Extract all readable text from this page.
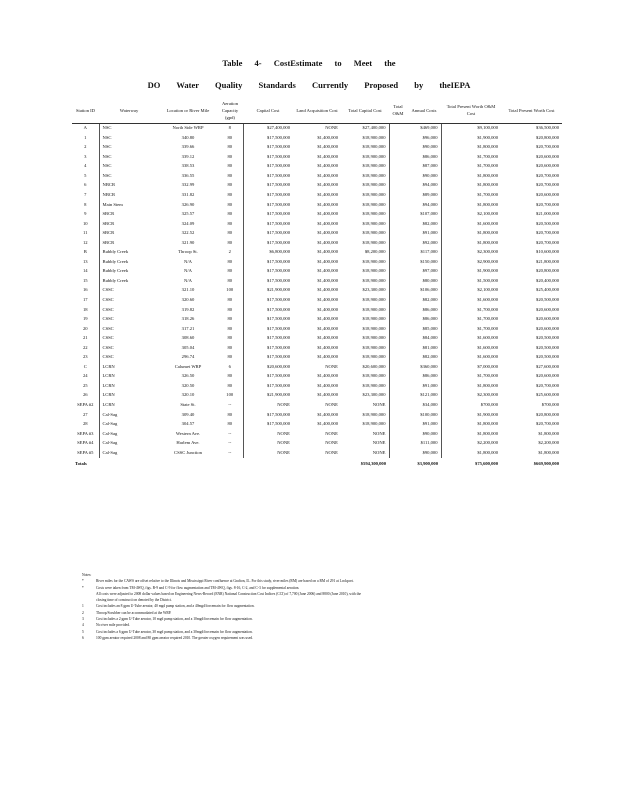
Table 4- CostEstimate to Meet the
DO Water Quality Standards Currently Proposed by theIEPA
Station ID	Waterway	Location or River Mile	Aeration Capacity (gpd)	Capital Cost	Land Acquisition Cost	Total Capital Cost	Total O&M	Annual Costs	Total Present Worth O&M Cost	Total Present Worth Cost
A	NSC	North Side WRP	8	$27,400,000	NONE	$27,400,000		$469,000	$9,100,000	$36,500,000
1	NSC	340.80	80	$17,500,000	$1,400,000	$18,900,000		$96,000	$1,900,000	$20,800,000
2	NSC	339.66	80	$17,500,000	$1,400,000	$18,900,000		$90,000	$1,800,000	$20,700,000
3	NSC	339.12	80	$17,500,000	$1,400,000	$18,900,000		$86,000	$1,700,000	$20,600,000
4	NSC	338.53	80	$17,500,000	$1,400,000	$18,900,000		$87,000	$1,700,000	$20,600,000
5	NSC	336.55	80	$17,500,000	$1,400,000	$18,900,000		$90,000	$1,800,000	$20,700,000
6	NBCR	332.99	80	$17,500,000	$1,400,000	$18,900,000		$94,000	$1,800,000	$20,700,000
7	NBCR	331.82	80	$17,500,000	$1,400,000	$18,900,000		$89,000	$1,700,000	$20,600,000
8	Main Stem	326.90	80	$17,500,000	$1,400,000	$18,900,000		$94,000	$1,800,000	$20,700,000
9	SBCR	325.57	80	$17,500,000	$1,400,000	$18,900,000		$107,000	$2,100,000	$21,000,000
10	SBCR	324.09	80	$17,500,000	$1,400,000	$18,900,000		$82,000	$1,600,000	$20,500,000
11	SBCR	322.52	80	$17,500,000	$1,400,000	$18,900,000		$91,000	$1,800,000	$20,700,000
12	SBCR	321.90	80	$17,500,000	$1,400,000	$18,900,000		$92,000	$1,800,000	$20,700,000
B	Bubbly Creek	Throop St.	2	$6,800,000	$1,400,000	$8,200,000		$117,000	$2,300,000	$10,600,000
13	Bubbly Creek	N/A	80	$17,500,000	$1,400,000	$18,900,000		$150,000	$2,900,000	$21,800,000
14	Bubbly Creek	N/A	80	$17,500,000	$1,400,000	$18,900,000		$97,000	$1,900,000	$20,800,000
15	Bubbly Creek	N/A	80	$17,500,000	$1,400,000	$18,900,000		$80,000	$1,500,000	$20,400,000
16	CSSC	321.10	100	$21,900,000	$1,400,000	$23,300,000		$106,000	$2,100,000	$25,400,000
17	CSSC	320.60	80	$17,500,000	$1,400,000	$18,900,000		$82,000	$1,600,000	$20,500,000
18	CSSC	319.82	80	$17,500,000	$1,400,000	$18,900,000		$86,000	$1,700,000	$20,600,000
19	CSSC	318.26	80	$17,500,000	$1,400,000	$18,900,000		$86,000	$1,700,000	$20,600,000
20	CSSC	317.21	80	$17,500,000	$1,400,000	$18,900,000		$85,000	$1,700,000	$20,600,000
21	CSSC	308.60	80	$17,500,000	$1,400,000	$18,900,000		$84,000	$1,600,000	$20,500,000
22	CSSC	305.04	80	$17,500,000	$1,400,000	$18,900,000		$81,000	$1,600,000	$20,500,000
23	CSSC	296.74	80	$17,500,000	$1,400,000	$18,900,000		$82,000	$1,600,000	$20,500,000
C	LCRN	Calumet WRP	6	$20,600,000	NONE	$20,600,000		$360,000	$7,000,000	$27,600,000
24	LCRN	326.50	80	$17,500,000	$1,400,000	$18,900,000		$86,000	$1,700,000	$20,600,000
25	LCRN	320.50	80	$17,500,000	$1,400,000	$18,900,000		$91,000	$1,800,000	$20,700,000
26	LCRN	320.10	100	$21,900,000	$1,400,000	$23,300,000		$121,000	$2,300,000	$25,600,000
SEPA #2	LCRN	State St.	--	NONE	NONE	NONE		$34,000	$700,000	$700,000
27	Cal-Sag	309.40	80	$17,500,000	$1,400,000	$18,900,000		$100,000	$1,900,000	$20,800,000
28	Cal-Sag	304.57	80	$17,500,000	$1,400,000	$18,900,000		$91,000	$1,800,000	$20,700,000
SEPA #3	Cal-Sag	Western Ave.	--	NONE	NONE	NONE		$90,000	$1,800,000	$1,800,000
SEPA #4	Cal-Sag	Harlem Ave.	--	NONE	NONE	NONE		$111,000	$2,200,000	$2,200,000
SEPA #5	Cal-Sag	CSSC Junction	--	NONE	NONE	NONE		$90,000	$1,800,000	$1,800,000
Totals						$594,300,000		$3,900,000	$75,600,000	$669,900,000
Notes:
*	River miles for the CAWS are offset relative to the Illinois and Mississippi River confluence at Grafton, IL. For this study, river miles (RM) are based on a RM of 291 at Lockport.
*	Costs were taken from TM-4WQ, figs. B-9 and C-9 for flow augmentation and TM-4WQ, figs. 8-16, C-2, and C-3 for supplemental aeration.
All costs were adjusted to 2008 dollar values based on Engineering News-Record (ENR) National Construction Cost Indices (CCI) of 7,700 (June 2006) and 8800 (June 2010), with the
closing time of constructi on denoted by the District.
1	Cost includes an 8 gpm U-Tube aerator, 40 mgd pump station, and a 40mgd/forcemain for flow augmentation.
2	Throop/Scrubber can be accommodated at the WRP.
3	Cost includes a 2 gpm U-Tube aerator, 10 mgd pump station, and a 10mgd/forcemain for flow augmentation.
4	No river mile provided.
5	Cost includes a 6 gpm U-Tube aerator, 30 mgd pump station, and a 30mgd/forcemain for flow augmentation.
6	100 gpm aerator required 2008 and 80 gpm aerator required 2010. The greater oxygen requirement was used.
